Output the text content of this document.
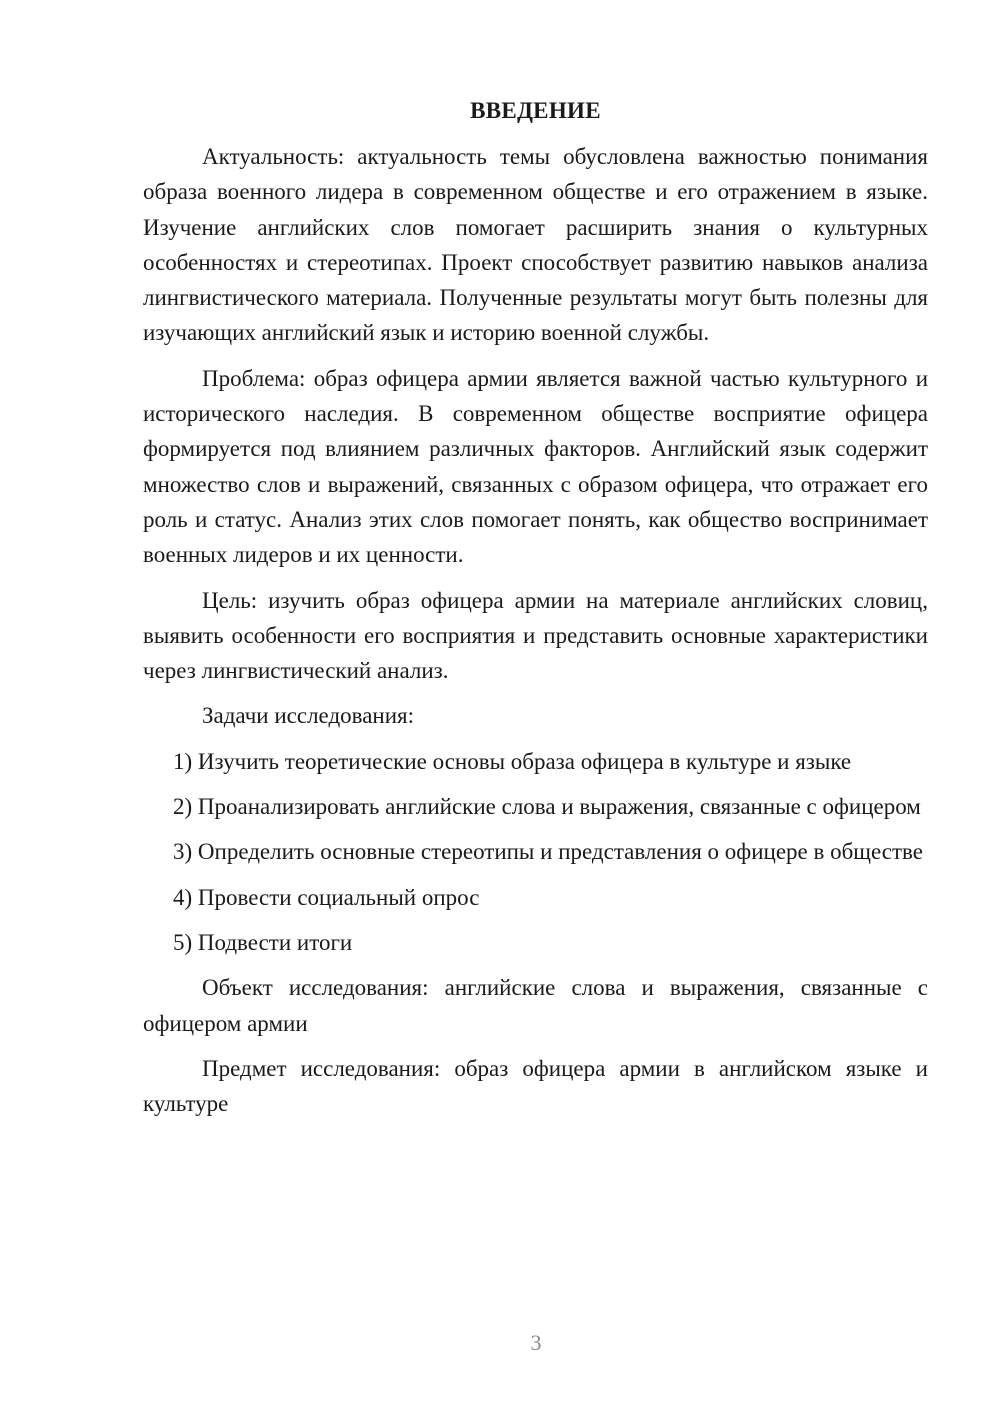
ВВЕДЕНИЕ

Актуальность: актуальность темы обусловлена важностью понимания образа военного лидера в современном обществе и его отражением в языке. Изучение английских слов помогает расширить знания о культурных особенностях и стереотипах. Проект способствует развитию навыков анализа лингвистического материала. Полученные результаты могут быть полезны для изучающих английский язык и историю военной службы.

Проблема: образ офицера армии является важной частью культурного и исторического наследия. В современном обществе восприятие офицера формируется под влиянием различных факторов. Английский язык содержит множество слов и выражений, связанных с образом офицера, что отражает его роль и статус. Анализ этих слов помогает понять, как общество воспринимает военных лидеров и их ценности.

Цель: изучить образ офицера армии на материале английских словиц, выявить особенности его восприятия и представить основные характеристики через лингвистический анализ.

Задачи исследования:

1) Изучить теоретические основы образа офицера в культуре и языке

2) Проанализировать английские слова и выражения, связанные с офицером

3) Определить основные стереотипы и представления о офицере в обществе

4) Провести социальный опрос

5) Подвести итоги

Объект исследования: английские слова и выражения, связанные с офицером армии

Предмет исследования: образ офицера армии в английском языке и культуре

3
